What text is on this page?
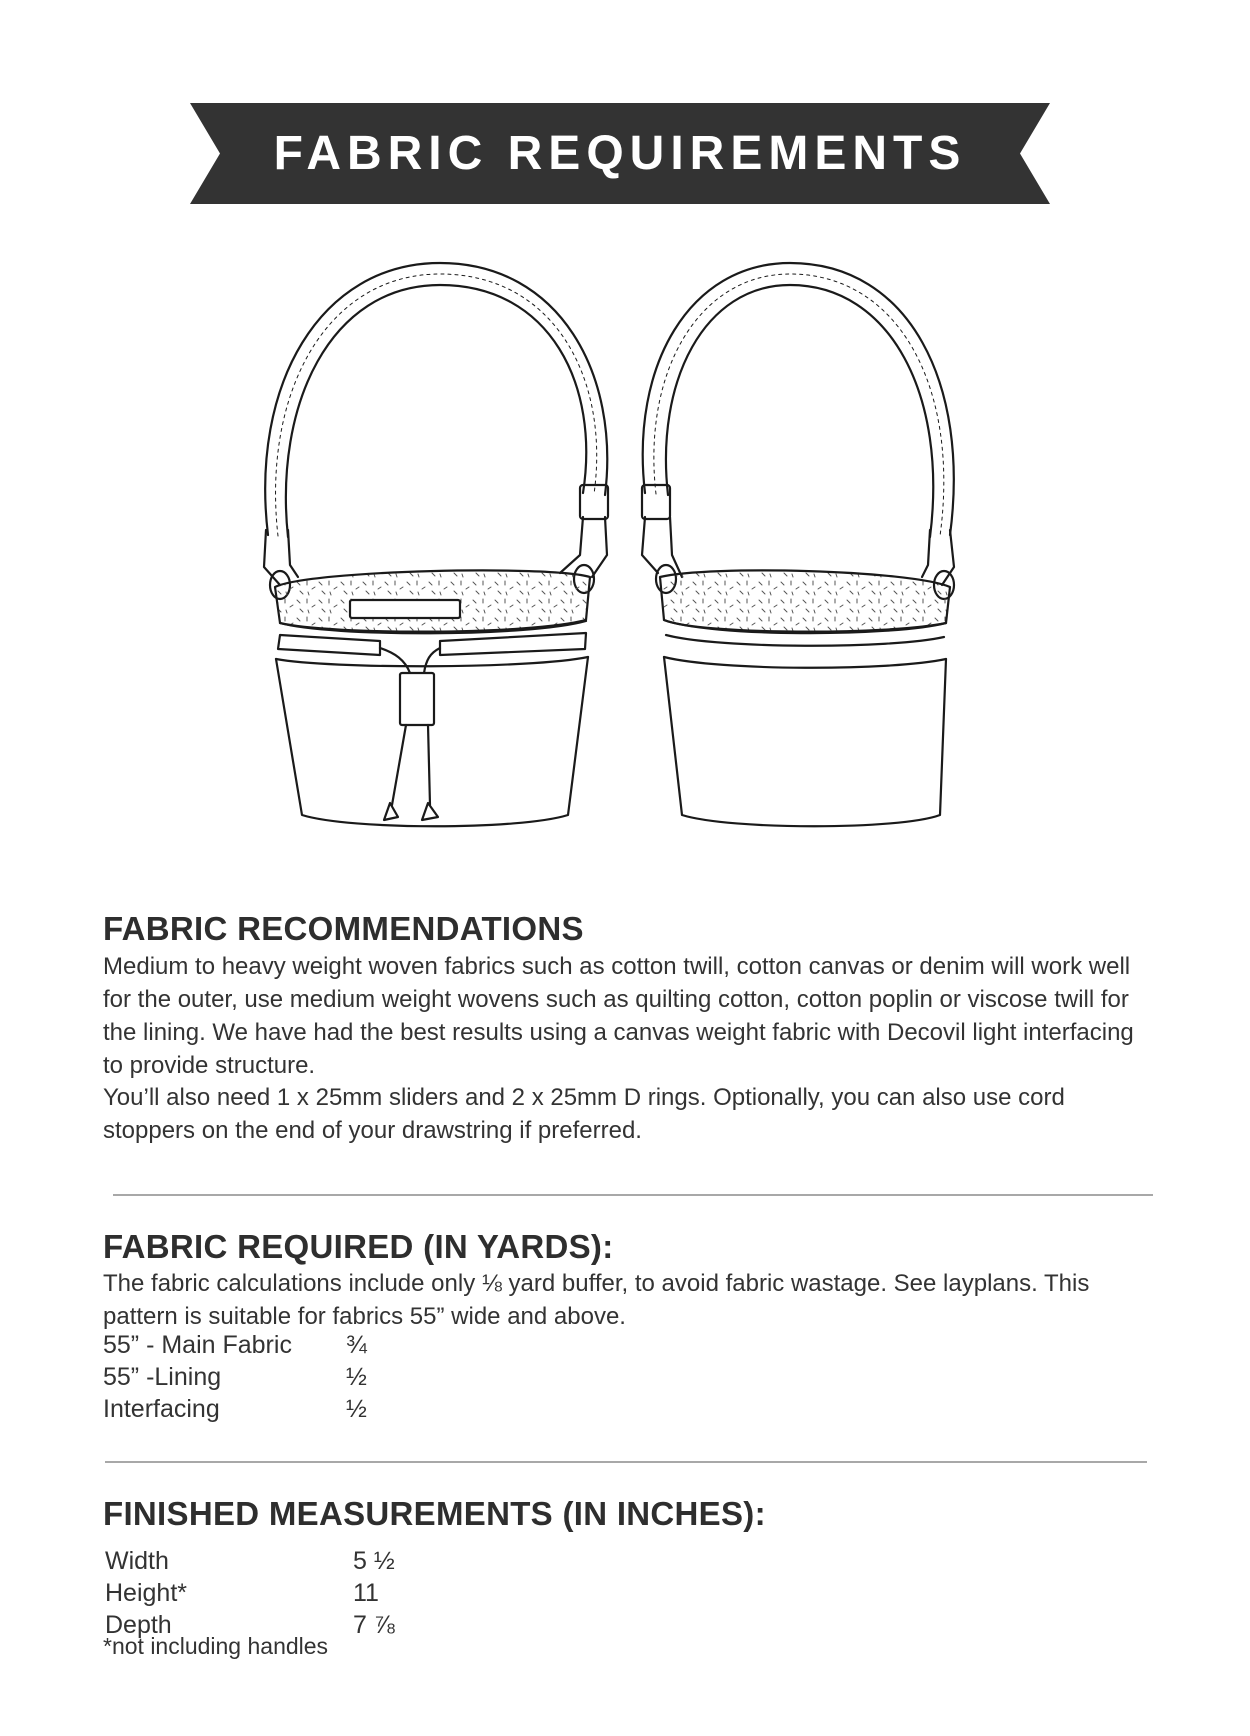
FABRIC REQUIREMENTS
FABRIC RECOMMENDATIONS

Medium to heavy weight woven fabrics such as cotton twill, cotton canvas or denim will work well for the outer, use medium weight wovens such as quilting cotton, cotton poplin or viscose twill for the lining. We have had the best results using a canvas weight fabric with Decovil light interfacing to provide structure.

You’ll also need 1 x 25mm sliders and 2 x 25mm D rings. Optionally, you can also use cord stoppers on the end of your drawstring if preferred.

FABRIC REQUIRED (IN YARDS):

The fabric calculations include only ⅛ yard buffer, to avoid fabric wastage. See layplans. This pattern is suitable for fabrics 55” wide and above.

55” - Main Fabric ¾
55” -Lining	½
Interfacing	½
FINISHED MEASUREMENTS (IN INCHES):
Width	5 ½
Height*	11
Depth	7 ⅞
*not including handles
